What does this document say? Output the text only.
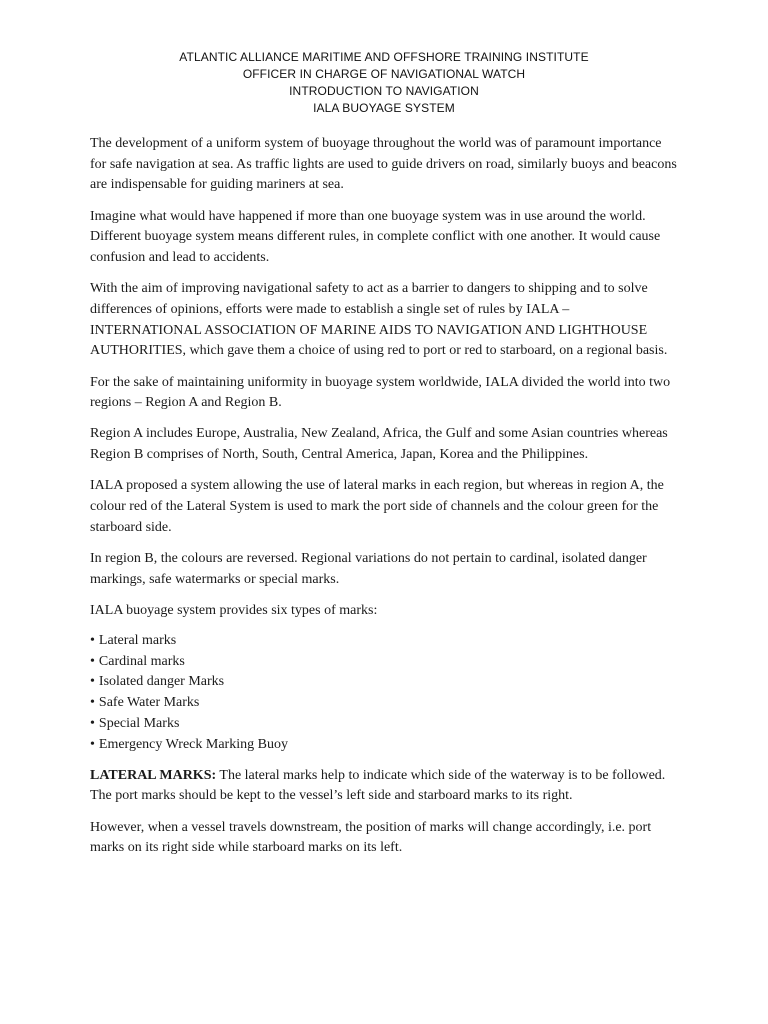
ATLANTIC ALLIANCE MARITIME AND OFFSHORE TRAINING INSTITUTE
OFFICER IN CHARGE OF NAVIGATIONAL WATCH
INTRODUCTION TO NAVIGATION
IALA BUOYAGE SYSTEM

The development of a uniform system of buoyage throughout the world was of paramount importance for safe navigation at sea. As traffic lights are used to guide drivers on road, similarly buoys and beacons are indispensable for guiding mariners at sea.

Imagine what would have happened if more than one buoyage system was in use around the world. Different buoyage system means different rules, in complete conflict with one another. It would cause confusion and lead to accidents.

With the aim of improving navigational safety to act as a barrier to dangers to shipping and to solve differences of opinions, efforts were made to establish a single set of rules by IALA – INTERNATIONAL ASSOCIATION OF MARINE AIDS TO NAVIGATION AND LIGHTHOUSE AUTHORITIES, which gave them a choice of using red to port or red to starboard, on a regional basis.

For the sake of maintaining uniformity in buoyage system worldwide, IALA divided the world into two regions – Region A and Region B.

Region A includes Europe, Australia, New Zealand, Africa, the Gulf and some Asian countries whereas Region B comprises of North, South, Central America, Japan, Korea and the Philippines.

IALA proposed a system allowing the use of lateral marks in each region, but whereas in region A, the colour red of the Lateral System is used to mark the port side of channels and the colour green for the starboard side.

In region B, the colours are reversed. Regional variations do not pertain to cardinal, isolated danger markings, safe watermarks or special marks.

IALA buoyage system provides six types of marks:

• Lateral marks
• Cardinal marks
• Isolated danger Marks
• Safe Water Marks
• Special Marks
• Emergency Wreck Marking Buoy

LATERAL MARKS: The lateral marks help to indicate which side of the waterway is to be followed. The port marks should be kept to the vessel’s left side and starboard marks to its right.

However, when a vessel travels downstream, the position of marks will change accordingly, i.e. port marks on its right side while starboard marks on its left.
